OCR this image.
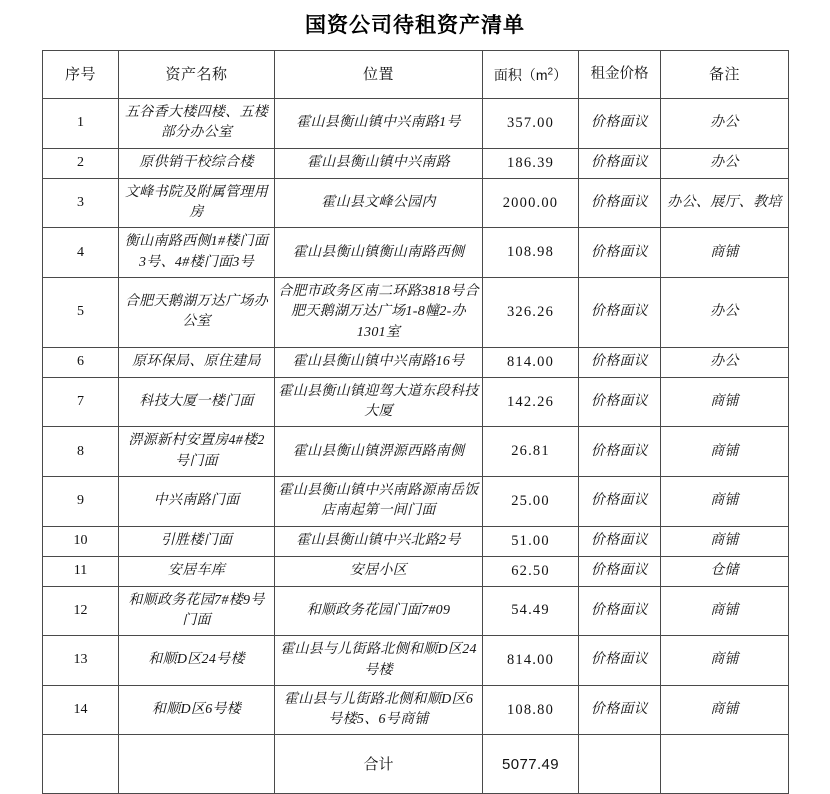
国资公司待租资产清单
序号	资产名称	位置	面积$(m^2)$	租金价格	备注
1	五谷香大楼四楼、五楼部分办公室	霍山县衡山镇中兴南路1号	357.00	价格面议	办公
2	原供销干校综合楼	霍山县衡山镇中兴南路	186.39	价格面议	办公
3	文峰书院及附属管理用房	霍山县文峰公园内	2000.00	价格面议	办公、展厅、教培
4	衡山南路西侧1#楼门面3号、4#楼门面3号	霍山县衡山镇衡山南路西侧	108.98	价格面议	商铺
5	合肥天鹅湖万达广场办公室	合肥市政务区南二环路3818号合肥天鹅湖万达广场1-8幢2-办1301室	326.26	价格面议	办公
6	原环保局、原住建局	霍山县衡山镇中兴南路16号	814.00	价格面议	办公
7	科技大厦一楼门面	霍山县衡山镇迎驾大道东段科技大厦	142.26	价格面议	商铺
8	淠源新村安置房4#楼2号门面	霍山县衡山镇淠源西路南侧	26.81	价格面议	商铺
9	中兴南路门面	霍山县衡山镇中兴南路源南岳饭店南起第一间门面	25.00	价格面议	商铺
10	引胜楼门面	霍山县衡山镇中兴北路2号	51.00	价格面议	商铺
11	安居车库	安居小区	62.50	价格面议	仓储
12	和顺政务花园7#楼9号门面	和顺政务花园门面7#09	54.49	价格面议	商铺
13	和顺D区24号楼	霍山县与儿街路北侧和顺D区24号楼	814.00	价格面议	商铺
14	和顺D区6号楼	霍山县与儿街路北侧和顺D区6号楼5、6号商铺	108.80	价格面议	商铺
		合计	5077.49		
